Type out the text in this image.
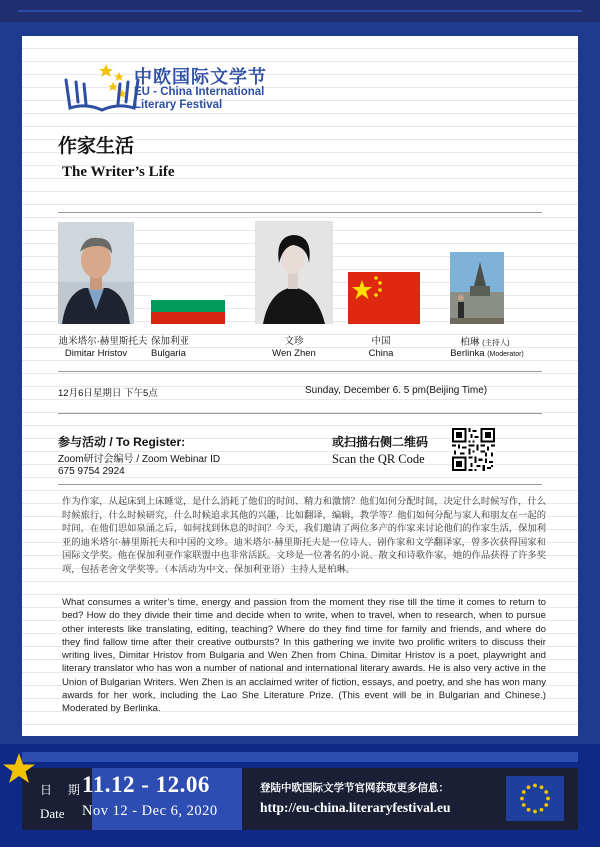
中欧国际文学节
EU - China International
Literary Festival
作家生活
The Writer’s Life
迪米塔尔·赫里斯托夫
Dimitar Hristov
保加利亚
Bulgaria
文珍
Wen Zhen
中国
China
柏琳 (主持人)
Berlinka (Moderator)
12月6日星期日 下午5点	Sunday, December 6. 5 pm(Beijing Time)
参与活动 / To Register:
Zoom研讨会编号 / Zoom Webinar ID
675 9754 2924
或扫描右侧二维码
Scan the QR Code
作为作家，从起床到上床睡觉，是什么消耗了他们的时间、精力和激情？他们如何分配时间，决定什么时候写作，什么时候旅行，什么时候研究，什么时候追求其他的兴趣，比如翻译，编辑，教学等？他们如何分配与家人和朋友在一起的时间，在他们思如泉涌之后，如何找到休息的时间？今天，我们邀请了两位多产的作家来讨论他们的作家生活，保加利亚的迪米塔尔·赫里斯托夫和中国的文珍。迪米塔尔·赫里斯托夫是一位诗人、剧作家和文学翻译家，曾多次获得国家和国际文学奖。他在保加利亚作家联盟中也非常活跃。文珍是一位著名的小说、散文和诗歌作家，她的作品获得了许多奖项，包括老舍文学奖等。（本活动为中文、保加利亚语）主持人是柏琳。
What consumes a writer’s time, energy and passion from the moment they rise till the time it comes to return to bed? How do they divide their time and decide when to write, when to travel, when to research, when to pursue other interests like translating, editing, teaching? Where do they find time for family and friends, and where do they find fallow time after their creative outbursts? In this gathering we invite two prolific writers to discuss their writing lives, Dimitar Hristov from Bulgaria and Wen Zhen from China. Dimitar Hristov is a poet, playwright and literary translator who has won a number of national and international literary awards. He is also very active in the Union of Bulgarian Writers. Wen Zhen is an acclaimed writer of fiction, essays, and poetry, and she has won many awards for her work, including the Lao She Literature Prize. (This event will be in Bulgarian and Chinese.) Moderated by Berlinka.
日 期
Date
11.12 - 12.06
Nov 12 - Dec 6, 2020
登陆中欧国际文学节官网获取更多信息：
http://eu-china.literaryfestival.eu
